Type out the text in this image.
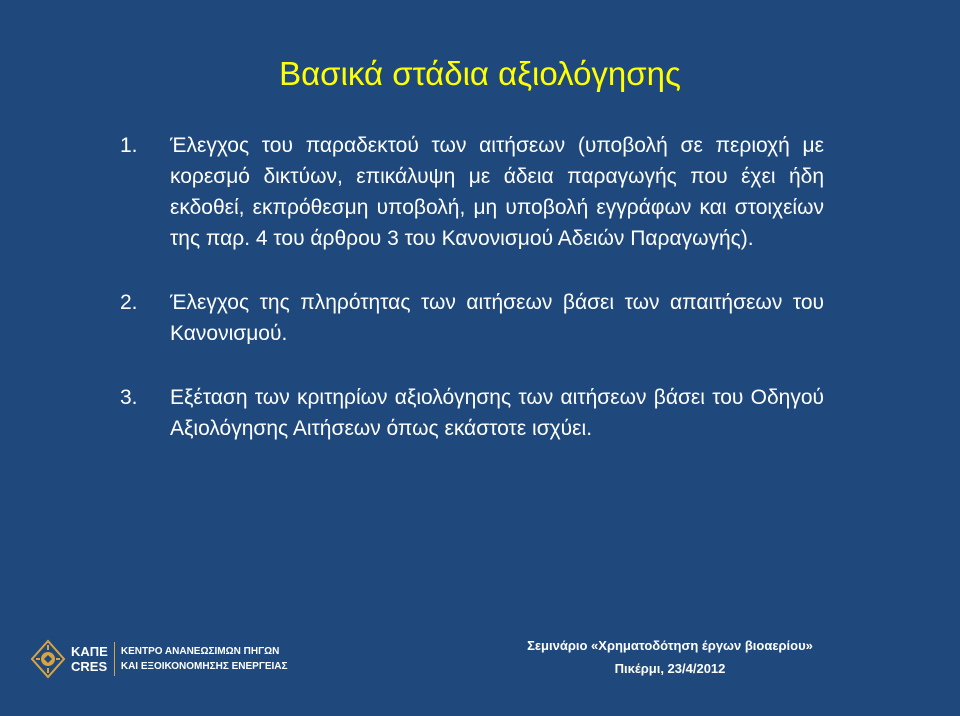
Βασικά στάδια αξιολόγησης
1.	Έλεγχος του παραδεκτού των αιτήσεων (υποβολή σε περιοχή με κορεσμό δικτύων, επικάλυψη με άδεια παραγωγής που έχει ήδη εκδοθεί, εκπρόθεσμη υποβολή, μη υποβολή εγγράφων και στοιχείων της παρ. 4 του άρθρου 3 του Κανονισμού Αδειών Παραγωγής).
2.	Έλεγχος της πληρότητας των αιτήσεων βάσει των απαιτήσεων του Κανονισμού.
3.	Εξέταση των κριτηρίων αξιολόγησης των αιτήσεων βάσει του Οδηγού Αξιολόγησης Αιτήσεων όπως εκάστοτε ισχύει.
ΚΑΠΕ
CRES
ΚΕΝΤΡΟ ΑΝΑΝΕΩΣΙΜΩΝ ΠΗΓΩΝ
ΚΑΙ ΕΞΟΙΚΟΝΟΜΗΣΗΣ ΕΝΕΡΓΕΙΑΣ
Σεμινάριο «Χρηματοδότηση έργων βιοαερίου»
Πικέρμι, 23/4/2012
